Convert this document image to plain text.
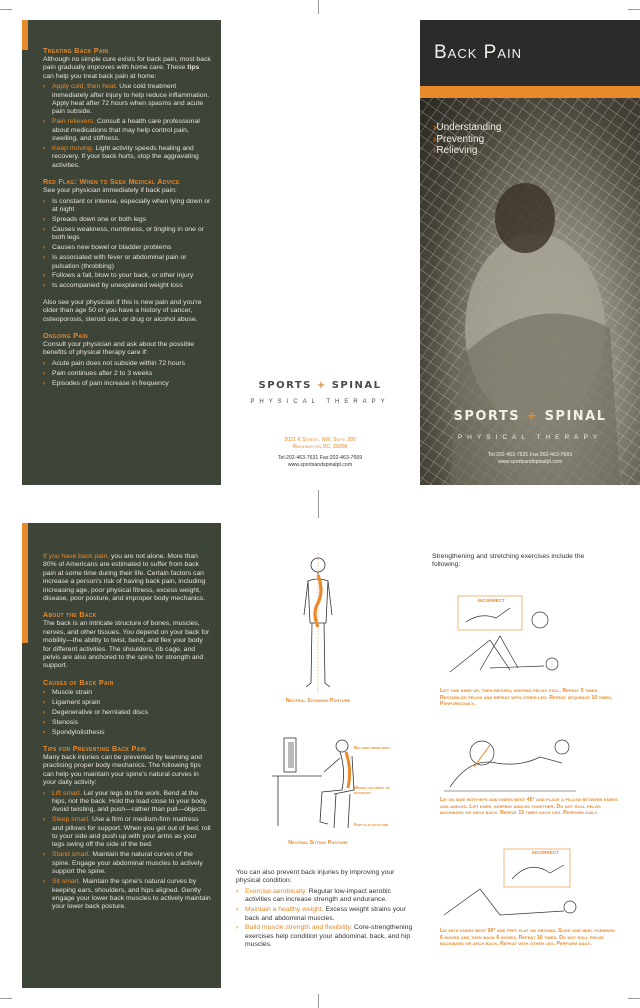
Treating Back Pain

Although no simple cure exists for back pain, most back pain gradually improves with home care. These tips can help you treat back pain at home:

› Apply cold, then heat. Use cold treatment immediately after injury to help reduce inflammation. Apply heat after 72 hours when spasms and acute pain subside.
› Pain relievers. Consult a health care professional about medications that may help control pain, swelling, and stiffness.
› Keep moving. Light activity speeds healing and recovery. If your back hurts, stop the aggravating activities.
Red Flag: When to Seek Medical Advice

See your physician immediately if back pain:

› Is constant or intense, especially when lying down or at night
› Spreads down one or both legs
› Causes weakness, numbness, or tingling in one or both legs
› Causes new bowel or bladder problems
› Is associated with fever or abdominal pain or pulsation (throbbing)
› Follows a fall, blow to your back, or other injury
› Is accompanied by unexplained weight loss

Also see your physician if this is new pain and you're older than age 50 or you have a history of cancer, osteoporosis, steroid use, or drug or alcohol abuse.

Ongoing Pain

Consult your physician and ask about the possible benefits of physical therapy care if:

› Acute pain does not subside within 72 hours
› Pain continues after 2 to 3 weeks
› Episodes of pain increase in frequency	SPORTS + SPINAL
PHYSICAL THERAPY
2021 K Street, NW, Suite 300
Washington DC, 20006
Tel:202-463-7631 Fax:202-463-7669
www.sportsandspinalpt.com
Back Pain
›Understanding
›Preventing
›Relieving
SPORTS + SPINAL
PHYSICAL THERAPY
Tel:202-463-7631 Fax:202-463-7669
www.sportsandspinalpt.com

If you have back pain, you are not alone. More than 80% of Americans are estimated to suffer from back pain at some time during their life. Certain factors can increase a person's risk of having back pain, including increasing age, poor physical fitness, excess weight, disease, poor posture, and improper body mechanics.

About the Back

The back is an intricate structure of bones, muscles, nerves, and other tissues. You depend on your back for mobility—the ability to twist, bend, and flex your body for different activities. The shoulders, rib cage, and pelvis are also anchored to the spine for strength and support.

Causes of Back Pain
› Muscle strain
› Ligament sprain
› Degenerative or herniated discs
› Stenosis
› Spondylolisthesis
Tips for Preventing Back Pain

Many back injuries can be prevented by learning and practicing proper body mechanics. The following tips can help you maintain your spine's natural curves in your daily activity:

› Lift smart. Let your legs do the work. Bend at the hips, not the back. Hold the load close to your body. Avoid twisting, and push—rather than pull—objects.
› Sleep smart. Use a firm or medium-firm mattress and pillows for support. When you get out of bed, roll to your side and push up with your arms as your legs swing off the side of the bed.
› Stand smart. Maintain the natural curves of the spine. Engage your abdominal muscles to actively support the spine.
› Sit smart. Maintain the spine's natural curves by keeping ears, shoulders, and hips aligned. Gently engage your lower back muscles to actively maintain your lower back posture.
Neutral Standing Posture
Relaxed upper body
Weight on front of buttocks
Feet flat on floor
Neutral Sitting Posture

You can also prevent back injuries by improving your physical condition:

› Exercise aerobically. Regular low-impact aerobic activities can increase strength and endurance.
› Maintain a healthy weight. Excess weight strains your back and abdominal muscles.
› Build muscle strength and flexibility. Core-strengthening exercises help condition your abdominal, back, and hip muscles.

Strengthening and stretching exercises include the following:

INCORRECT
Lift one knee up, then return, keeping pelvis still. Repeat 5 times. Restabilize pelvis and repeat with other leg. Repeat sequence 10 times. Perform daily.
Lie on side with hips and knees bent 45° and place a pillow between knees and ankles. Lift knee, keeping ankles together. Do not roll pelvis backward or arch back. Repeat 15 times each leg. Perform daily.
INCORRECT
Lie with knees bent 90° and feet flat on ground. Slide one heel forward 6 inches and then back 6 inches. Repeat 10 times. Do not roll pelvis backward or arch back. Repeat with other leg. Perform daily.
